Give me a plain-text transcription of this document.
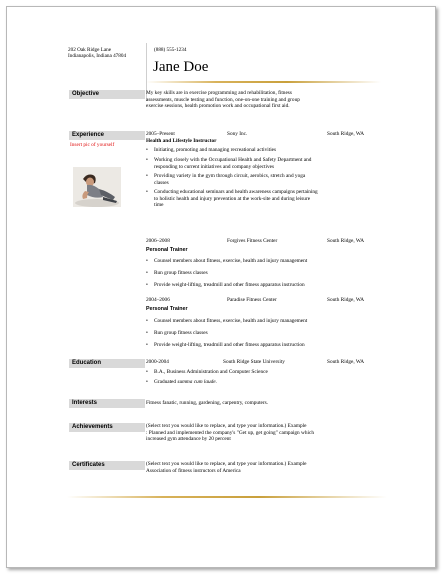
202 Oak Ridge Lane
Indianapolis, Indiana 47804
(888) 555-1234
Jane Doe
Objective	My key skills are in exercise programming and rehabilitation, fitness
assessments, muscle testing and function, one-on-one training and group
exercise sessions, health promotion work and occupational first aid.
Experience
Insert pic of yourself
2005–Present	Sony Inc.	South Ridge, WA
Health and Lifestyle Instructor
• Initiating, promoting and managing recreational activities
• Working closely with the Occupational Health and Safety Department and
responding to current initiatives and company objectives
• Providing variety in the gym through circuit, aerobics, stretch and yoga
classes
• Conducting educational seminars and health awareness campaigns pertaining
to holistic health and injury prevention at the work-site and during leisure
time
2006–2008	Forgives Fitness Center	South Ridge, WA
Personal Trainer
• Counsel members about fitness, exercise, health and injury management
• Run group fitness classes
• Provide weight-lifting, treadmill and other fitness apparatus instruction
2004–2006	Paradise Fitness Center	South Ridge, WA
Personal Trainer
• Counsel members about fitness, exercise, health and injury management
• Run group fitness classes
• Provide weight-lifting, treadmill and other fitness apparatus instruction
Education	2000-2004	South Ridge State University	South Ridge, WA
• B.A., Business Administration and Computer Science
• Graduated summa cum laude.
Interests	Fitness fanatic, running, gardening, carpentry, computers.
Achievements	(Select text you would like to replace, and type your information.) Example
: Planned and implemented the company's "Get up, get going" campaign which
increased gym attendance by 20 percent
Certificates	(Select text you would like to replace, and type your information.) Example
Association of fitness instructors of America
